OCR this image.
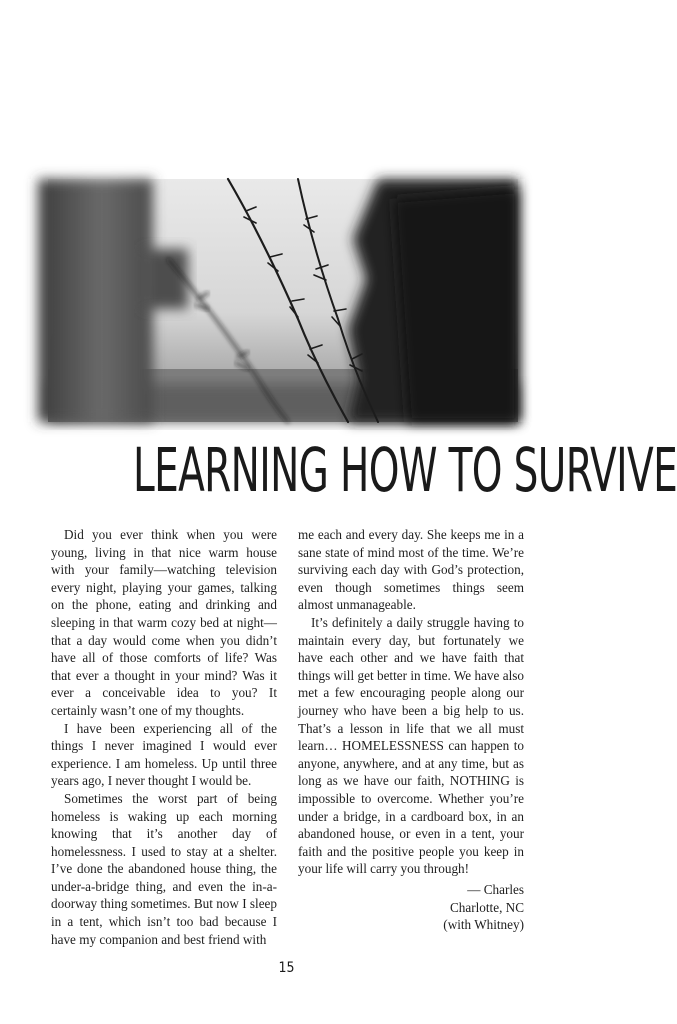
LEARNING HOW TO SURVIVE

Did you ever think when you were young, living in that nice warm house with your family—watching television every night, playing your games, talking on the phone, eating and drinking and sleeping in that warm cozy bed at night—that a day would come when you didn’t have all of those comforts of life? Was that ever a thought in your mind? Was it ever a conceivable idea to you? It certainly wasn’t one of my thoughts.

I have been experiencing all of the things I never imagined I would ever experience. I am homeless. Up until three years ago, I never thought I would be.

Sometimes the worst part of being homeless is waking up each morning knowing that it’s another day of homelessness. I used to stay at a shelter. I’ve done the abandoned house thing, the under-a-bridge thing, and even the in-a-doorway thing sometimes. But now I sleep in a tent, which isn’t too bad because I have my companion and best friend with

me each and every day. She keeps me in a sane state of mind most of the time. We’re surviving each day with God’s protection, even though sometimes things seem almost unmanageable.

It’s definitely a daily struggle having to maintain every day, but fortunately we have each other and we have faith that things will get better in time. We have also met a few encouraging people along our journey who have been a big help to us. That’s a lesson in life that we all must learn… HOMELESSNESS can happen to anyone, anywhere, and at any time, but as long as we have our faith, NOTHING is impossible to overcome. Whether you’re under a bridge, in a cardboard box, in an abandoned house, or even in a tent, your faith and the positive people you keep in your life will carry you through!

— Charles
Charlotte, NC
(with Whitney)
15
